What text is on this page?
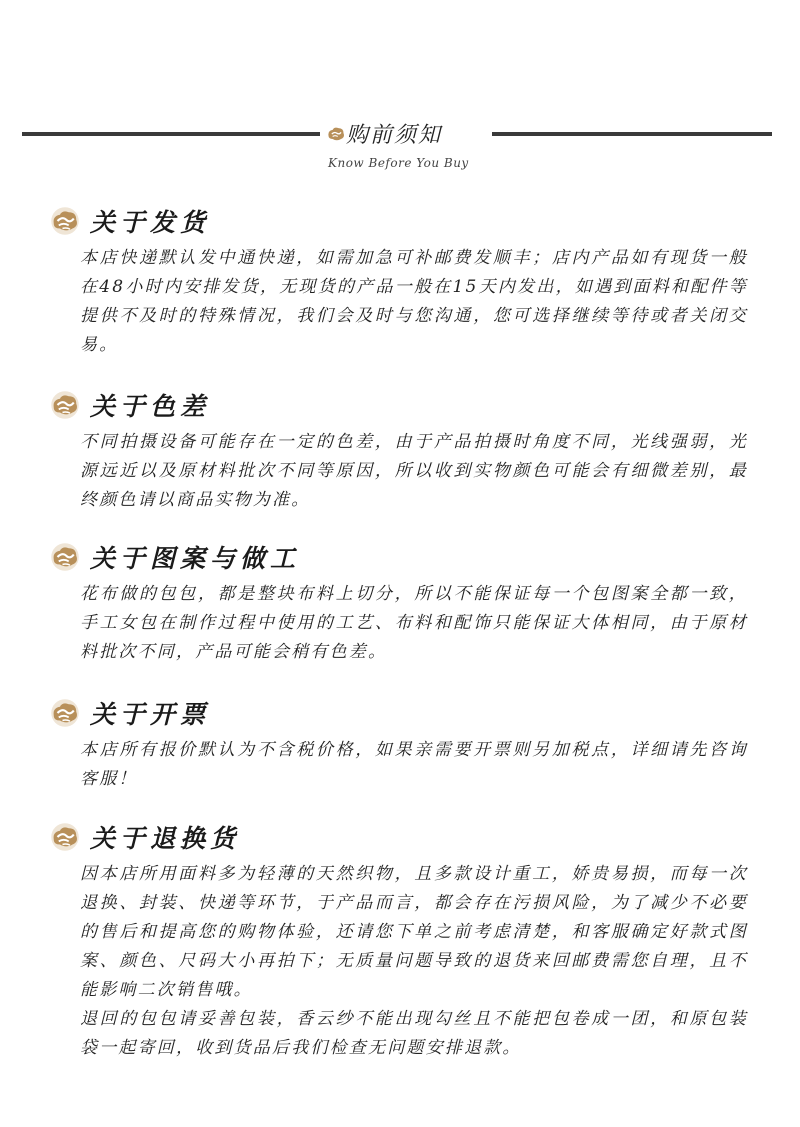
购前须知
Know Before You Buy
关于发货
本店快递默认发中通快递，如需加急可补邮费发顺丰；店内产品如有现货一般在48小时内安排发货，无现货的产品一般在15天内发出，如遇到面料和配件等提供不及时的特殊情况，我们会及时与您沟通，您可选择继续等待或者关闭交易。
关于色差
不同拍摄设备可能存在一定的色差，由于产品拍摄时角度不同，光线强弱，光源远近以及原材料批次不同等原因，所以收到实物颜色可能会有细微差别，最终颜色请以商品实物为准。
关于图案与做工
花布做的包包，都是整块布料上切分，所以不能保证每一个包图案全都一致，手工女包在制作过程中使用的工艺、布料和配饰只能保证大体相同，由于原材料批次不同，产品可能会稍有色差。
关于开票
本店所有报价默认为不含税价格，如果亲需要开票则另加税点，详细请先咨询客服！
关于退换货
因本店所用面料多为轻薄的天然织物，且多款设计重工，娇贵易损，而每一次退换、封装、快递等环节，于产品而言，都会存在污损风险，为了减少不必要的售后和提高您的购物体验，还请您下单之前考虑清楚，和客服确定好款式图案、颜色、尺码大小再拍下；无质量问题导致的退货来回邮费需您自理，且不能影响二次销售哦。
退回的包包请妥善包装，香云纱不能出现勾丝且不能把包卷成一团，和原包装袋一起寄回，收到货品后我们检查无问题安排退款。
